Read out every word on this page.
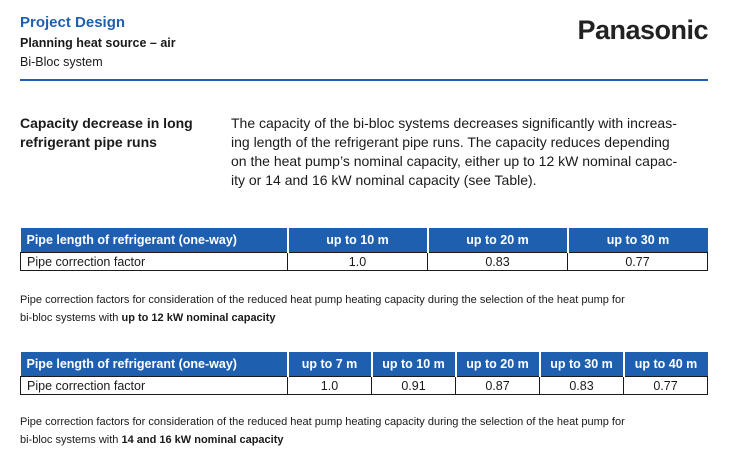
Project Design
Planning heat source – air
Bi-Bloc system
Panasonic
Capacity decrease in long
refrigerant pipe runs
The capacity of the bi-bloc systems decreases significantly with increas-
ing length of the refrigerant pipe runs. The capacity reduces depending
on the heat pump’s nominal capacity, either up to 12 kW nominal capac-
ity or 14 and 16 kW nominal capacity (see Table).
Pipe length of refrigerant (one-way)	up to 10 m	up to 20 m	up to 30 m
Pipe correction factor	1.0	0.83	0.77
Pipe correction factors for consideration of the reduced heat pump heating capacity during the selection of the heat pump for
bi-bloc systems with up to 12 kW nominal capacity
Pipe length of refrigerant (one-way)	up to 7 m	up to 10 m	up to 20 m	up to 30 m	up to 40 m
Pipe correction factor	1.0	0.91	0.87	0.83	0.77
Pipe correction factors for consideration of the reduced heat pump heating capacity during the selection of the heat pump for
bi-bloc systems with 14 and 16 kW nominal capacity
